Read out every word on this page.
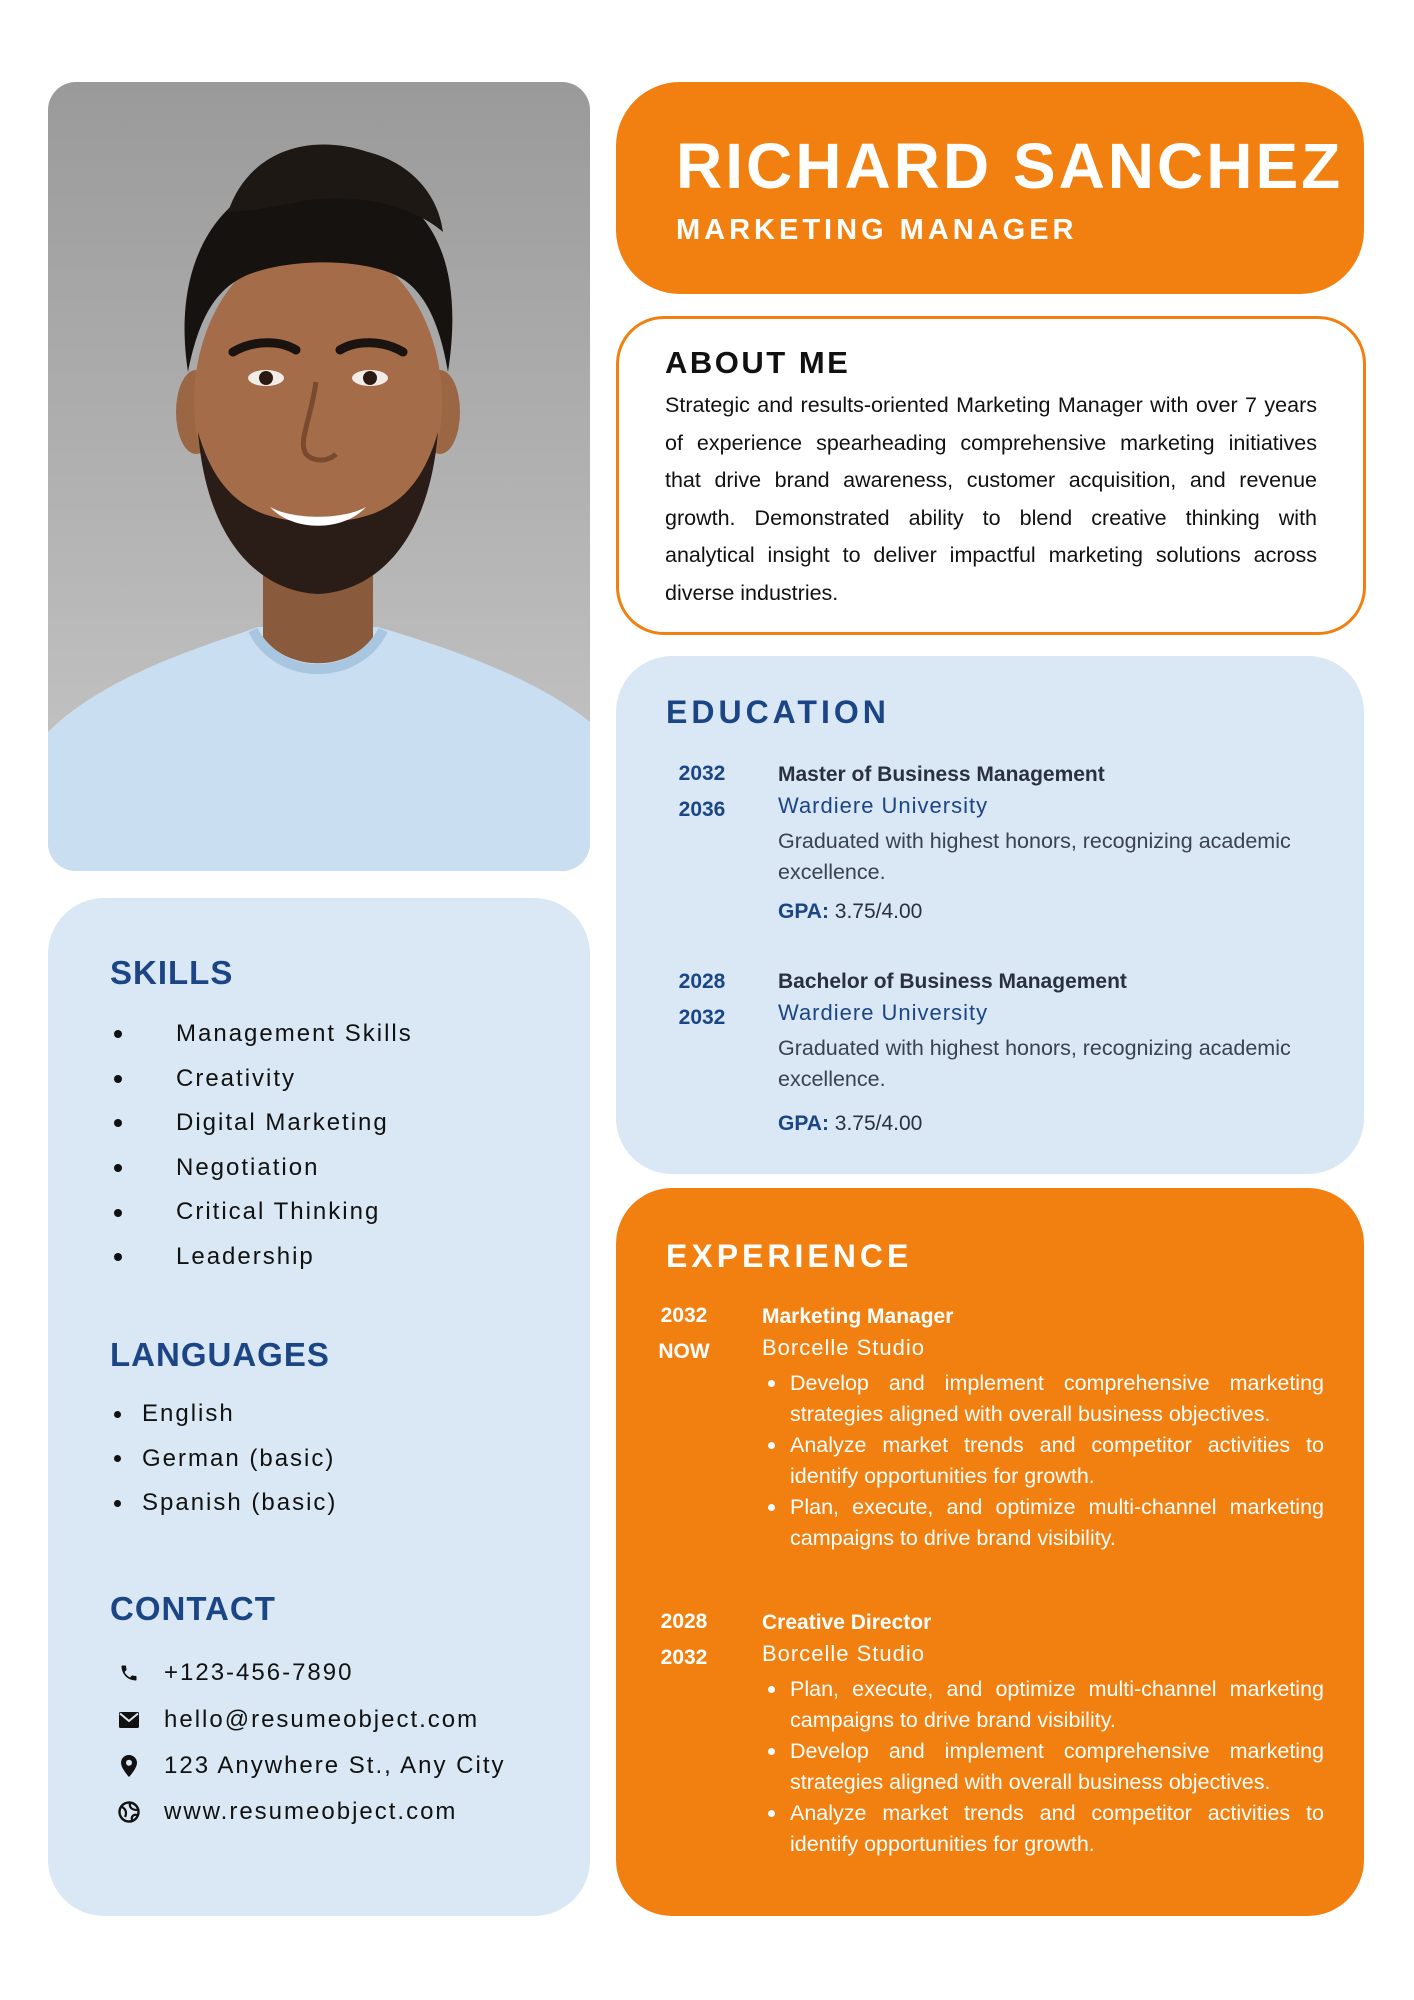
SKILLS
Management Skills
Creativity
Digital Marketing
Negotiation
Critical Thinking
Leadership
LANGUAGES
English
German (basic)
Spanish (basic)
CONTACT
+123-456-7890
hello@resumeobject.com
123 Anywhere St., Any City
www.resumeobject.com
RICHARD SANCHEZ

MARKETING MANAGER

ABOUT ME

Strategic and results-oriented Marketing Manager with over 7 years of experience spearheading comprehensive marketing initiatives that drive brand awareness, customer acquisition, and revenue growth. Demonstrated ability to blend creative thinking with analytical insight to deliver impactful marketing solutions across diverse industries.

EDUCATION
2032
2036
Master of Business Management
Wardiere University
Graduated with highest honors, recognizing academic excellence.
GPA: 3.75/4.00
2028
2032
Bachelor of Business Management
Wardiere University
Graduated with highest honors, recognizing academic excellence.
GPA: 3.75/4.00
EXPERIENCE
2032
NOW
Marketing Manager
Borcelle Studio
Develop and implement comprehensive marketing strategies aligned with overall business objectives.
Analyze market trends and competitor activities to identify opportunities for growth.
Plan, execute, and optimize multi-channel marketing campaigns to drive brand visibility.
2028
2032
Creative Director
Borcelle Studio
Plan, execute, and optimize multi-channel marketing campaigns to drive brand visibility.
Develop and implement comprehensive marketing strategies aligned with overall business objectives.
Analyze market trends and competitor activities to identify opportunities for growth.
